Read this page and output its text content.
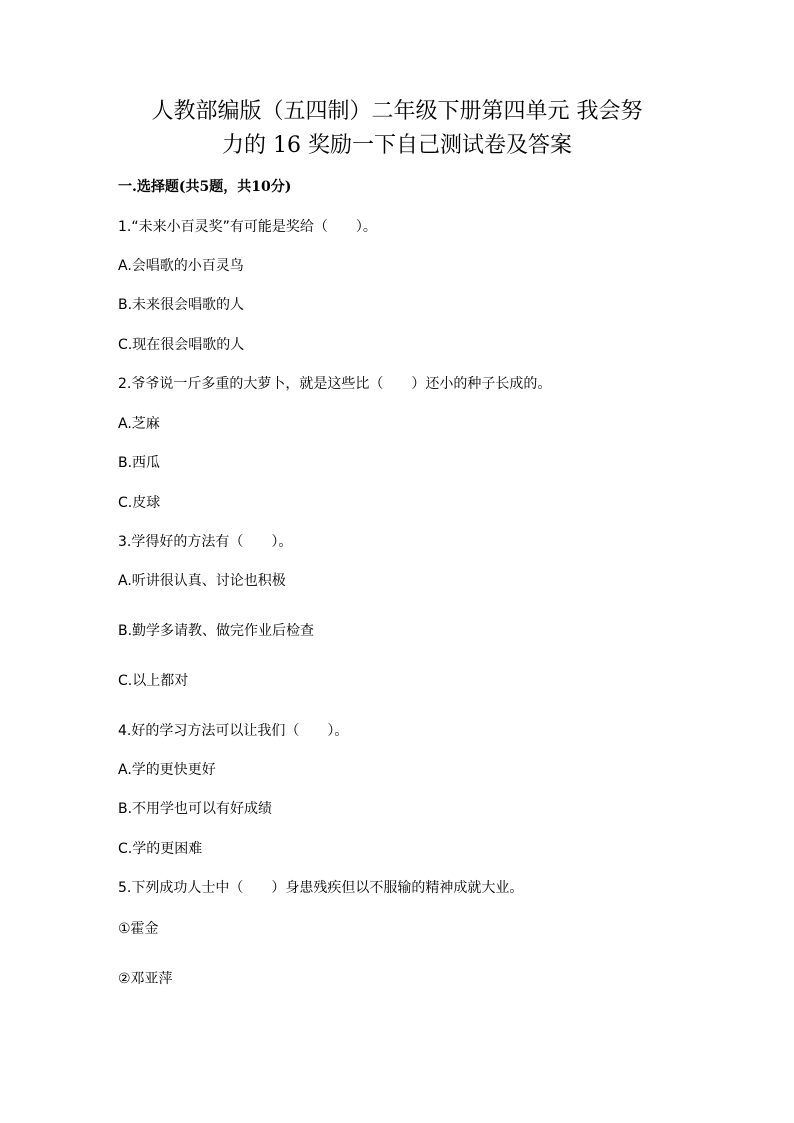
人教部编版（五四制）二年级下册第四单元 我会努
力的 16 奖励一下自己测试卷及答案
一.选择题(共5题，共10分)
1.“未来小百灵奖”有可能是奖给（　　）。
A.会唱歌的小百灵鸟
B.未来很会唱歌的人
C.现在很会唱歌的人
2.爷爷说一斤多重的大萝卜，就是这些比（　　）还小的种子长成的。
A.芝麻
B.西瓜
C.皮球
3.学得好的方法有（　　）。
A.听讲很认真、讨论也积极
B.勤学多请教、做完作业后检查
C.以上都对
4.好的学习方法可以让我们（　　）。
A.学的更快更好
B.不用学也可以有好成绩
C.学的更困难
5.下列成功人士中（　　）身患残疾但以不服输的精神成就大业。
①霍金
②邓亚萍
